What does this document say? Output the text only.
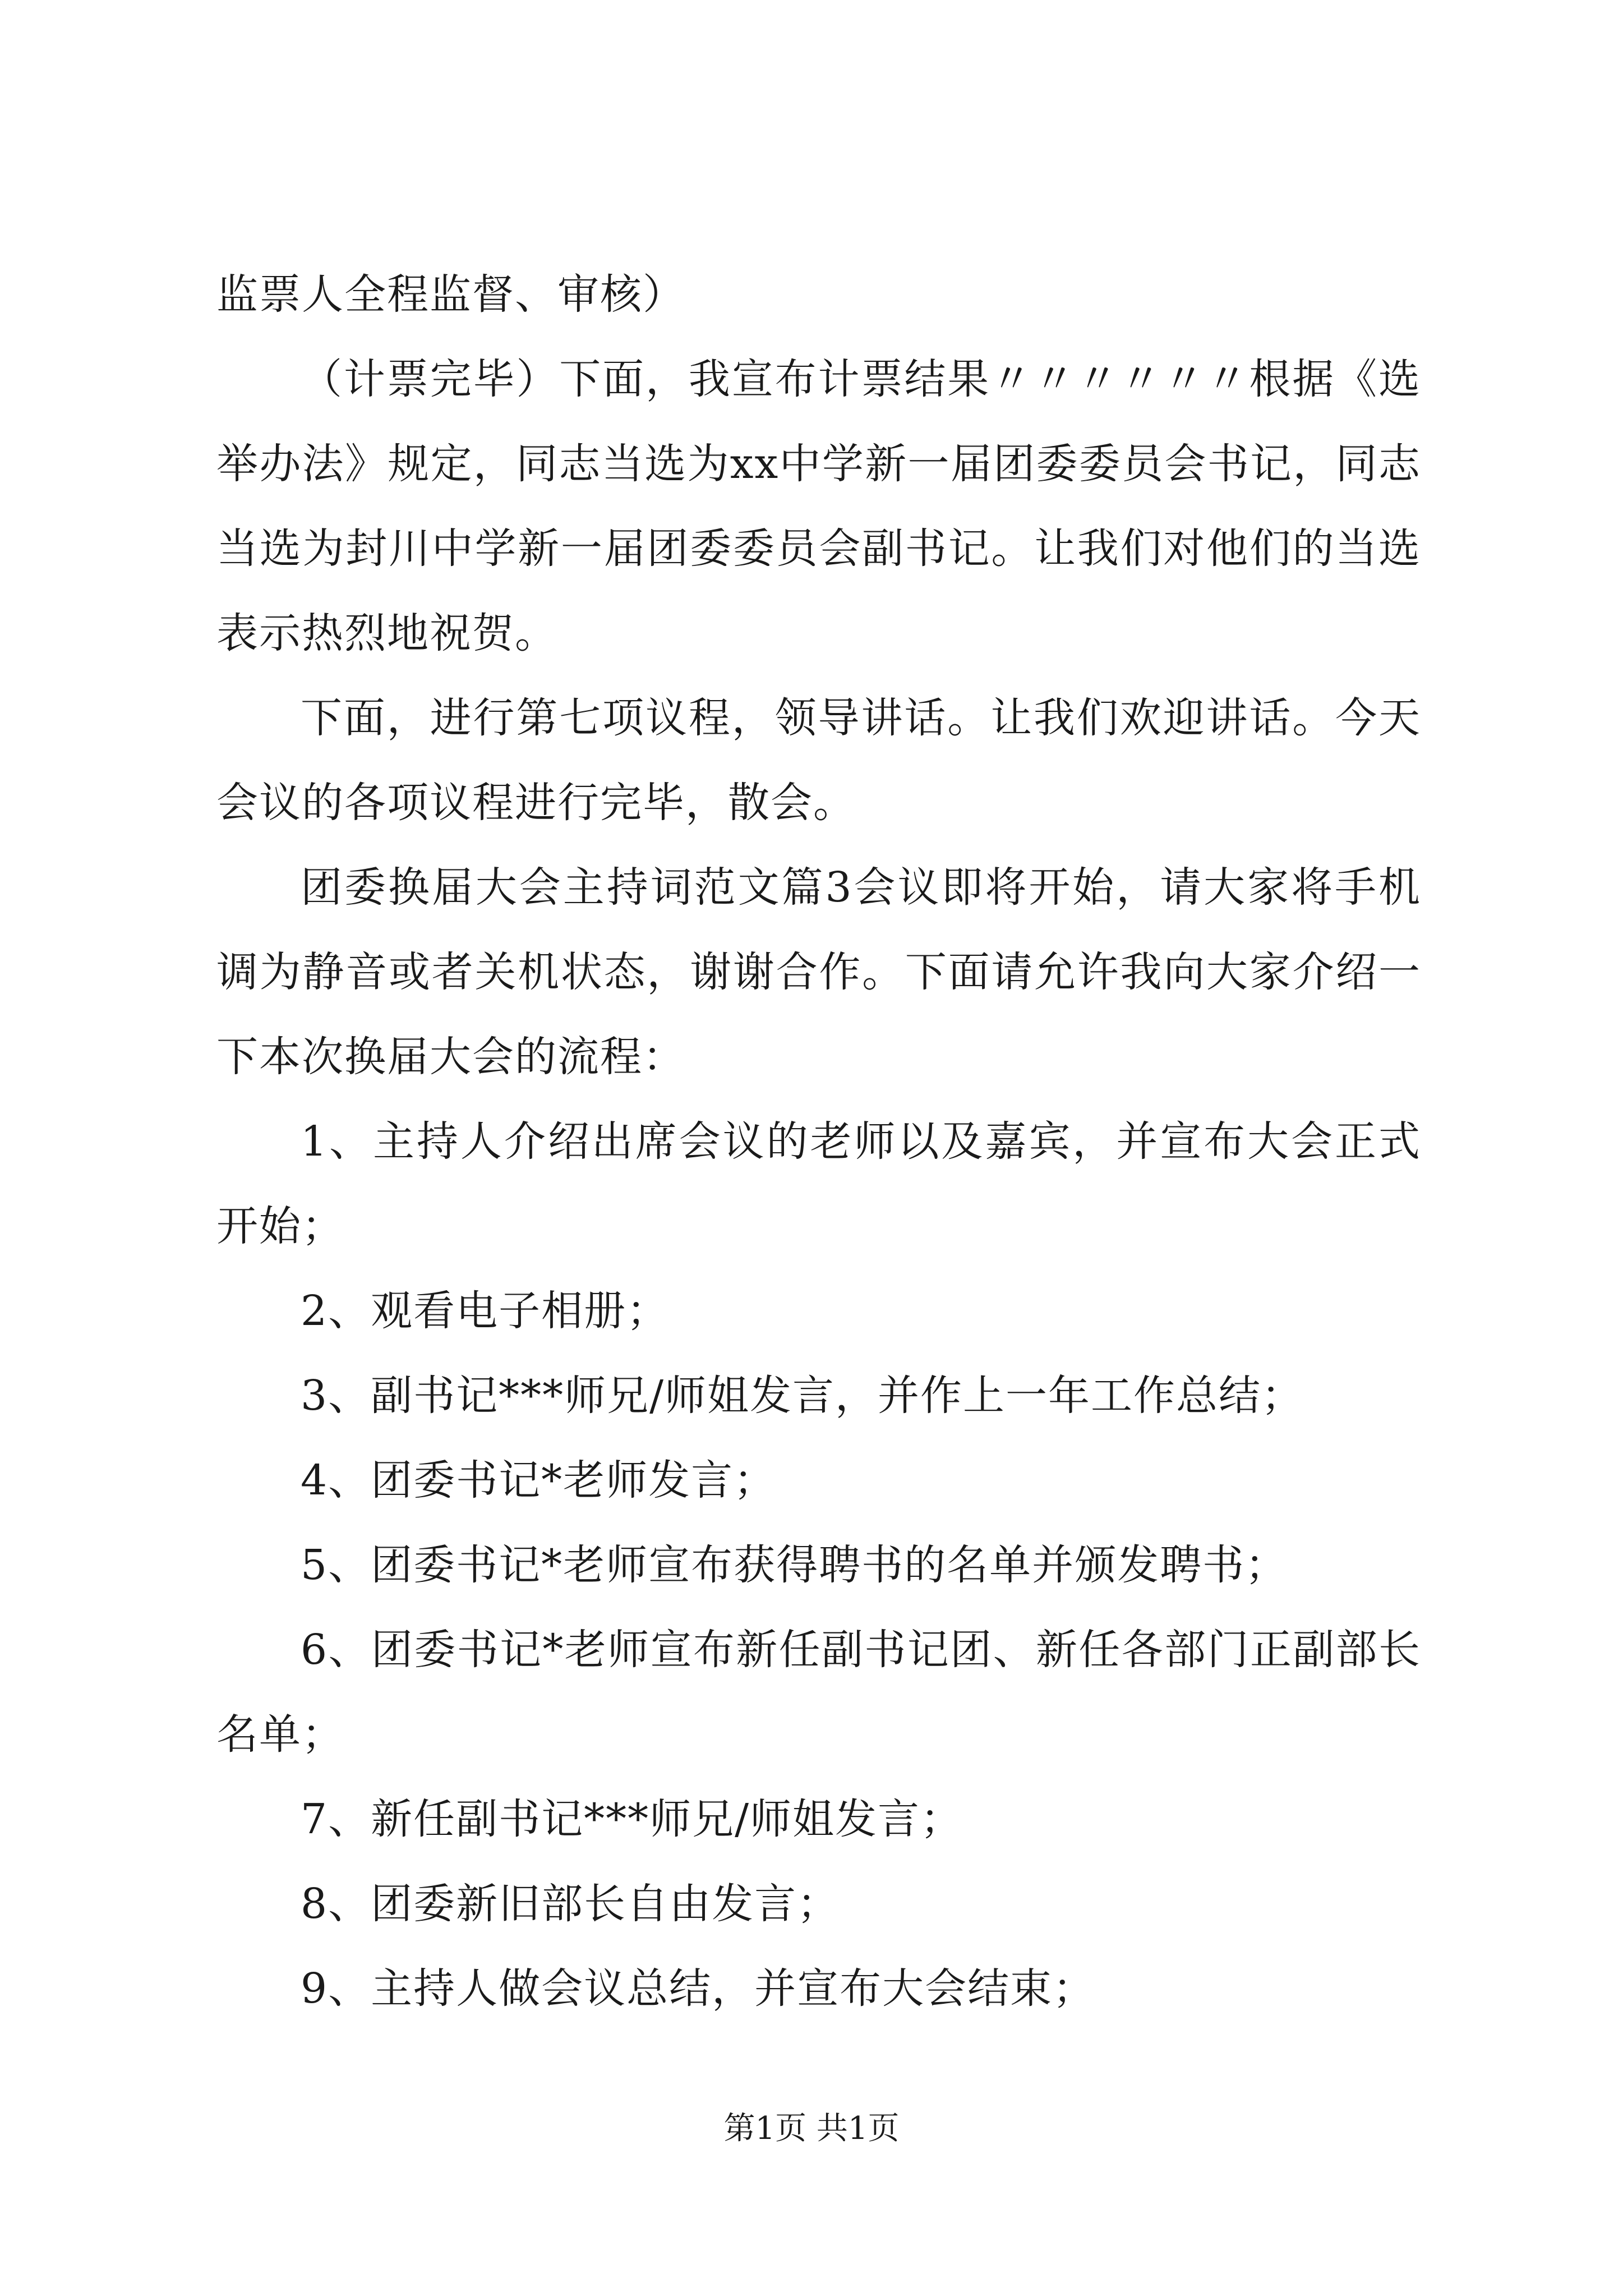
监票人全程监督、审核）

（计票完毕）下面，我宣布计票结果〃〃〃〃〃〃根据《选举办法》规定，同志当选为xx中学新一届团委委员会书记，同志当选为封川中学新一届团委委员会副书记。让我们对他们的当选表示热烈地祝贺。

下面，进行第七项议程，领导讲话。让我们欢迎讲话。今天会议的各项议程进行完毕，散会。

团委换届大会主持词范文篇3会议即将开始，请大家将手机调为静音或者关机状态，谢谢合作。下面请允许我向大家介绍一下本次换届大会的流程：

1、主持人介绍出席会议的老师以及嘉宾，并宣布大会正式开始；

2、观看电子相册；

3、副书记***师兄/师姐发言，并作上一年工作总结；

4、团委书记*老师发言；

5、团委书记*老师宣布获得聘书的名单并颁发聘书；

6、团委书记*老师宣布新任副书记团、新任各部门正副部长名单；

7、新任副书记***师兄/师姐发言；

8、团委新旧部长自由发言；

9、主持人做会议总结，并宣布大会结束；

第1页 共1页
